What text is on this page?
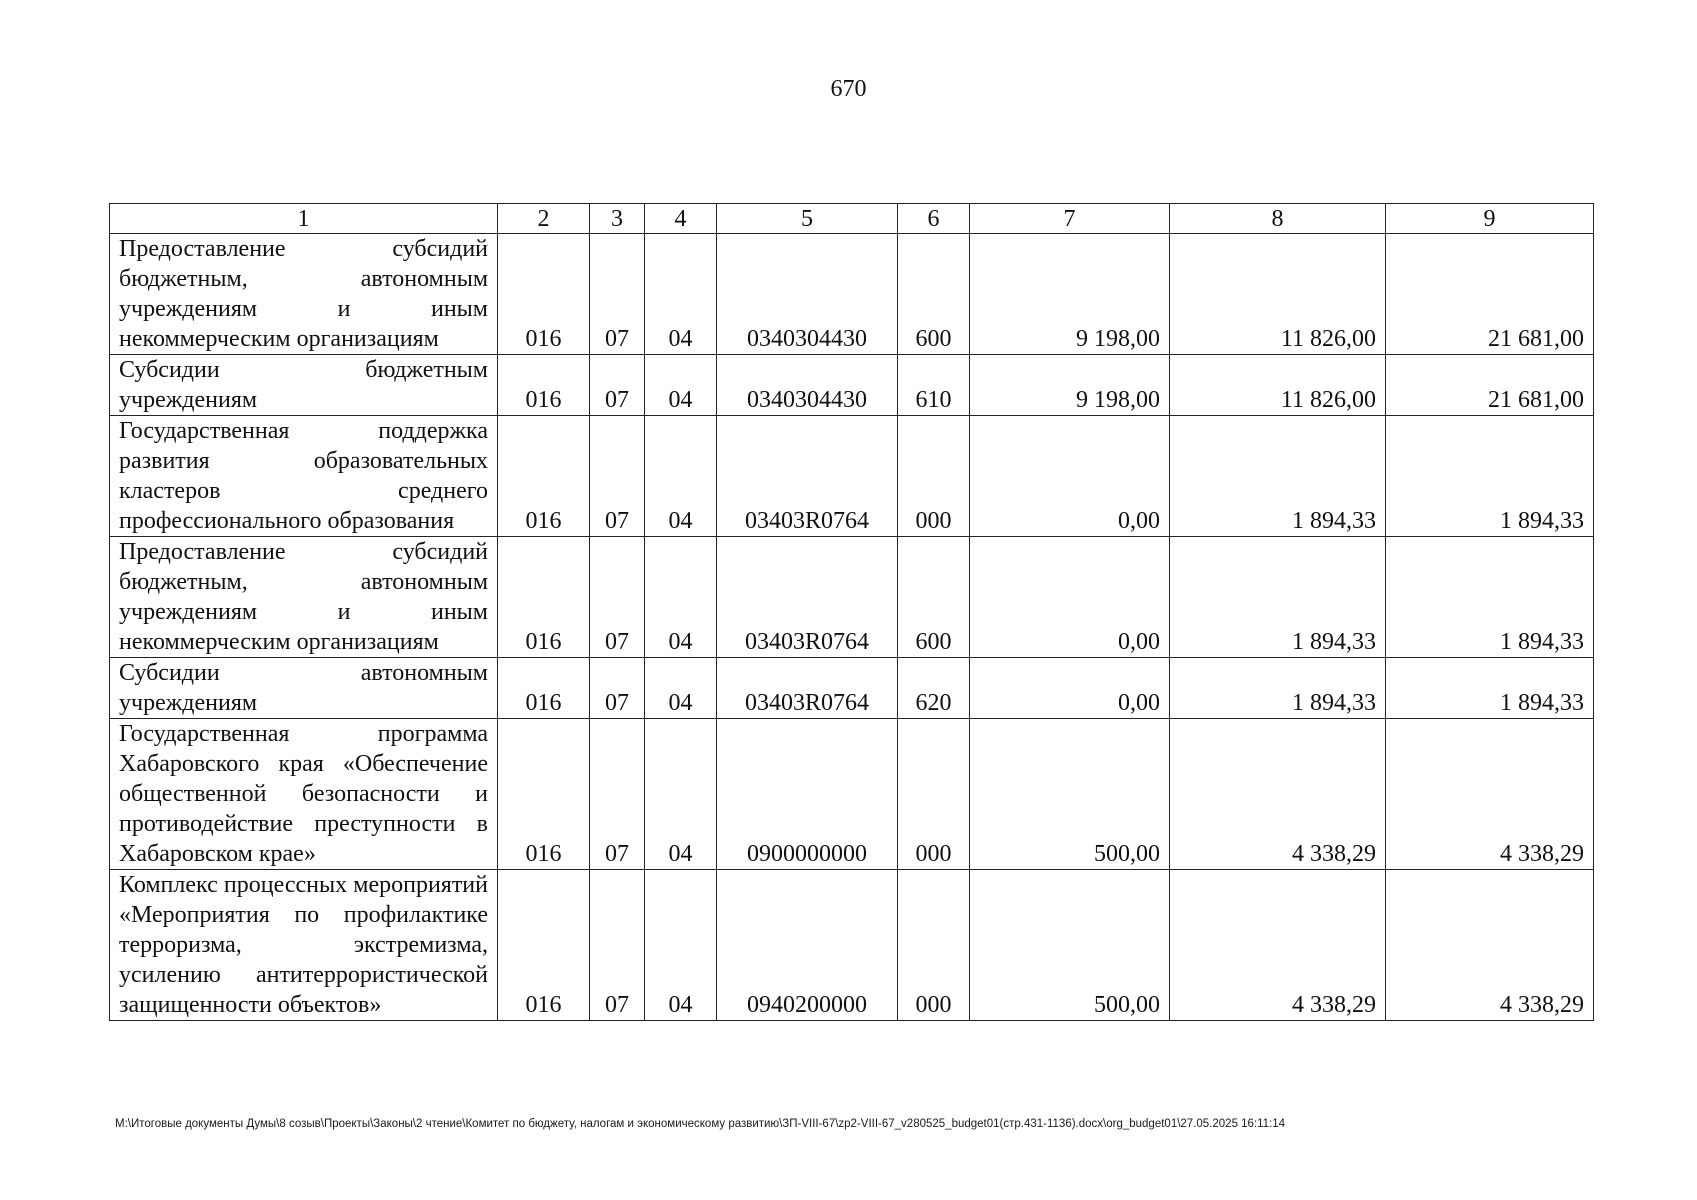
670
1	2	3	4	5	6	7	8	9
Предоставление субсидий бюджетным, автономным учреждениям и иным некоммерческим организациям	016	07	04	0340304430	600	9 198,00	11 826,00	21 681,00
Субсидии бюджетным учреждениям	016	07	04	0340304430	610	9 198,00	11 826,00	21 681,00
Государственная поддержка развития образовательных кластеров среднего профессионального образования	016	07	04	03403R0764	000	0,00	1 894,33	1 894,33
Предоставление субсидий бюджетным, автономным учреждениям и иным некоммерческим организациям	016	07	04	03403R0764	600	0,00	1 894,33	1 894,33
Субсидии автономным учреждениям	016	07	04	03403R0764	620	0,00	1 894,33	1 894,33
Государственная программа Хабаровского края «Обеспечение общественной безопасности и противодействие преступности в Хабаровском крае»	016	07	04	0900000000	000	500,00	4 338,29	4 338,29
Комплекс процессных мероприятий «Мероприятия по профилактике терроризма, экстремизма, усилению антитеррористической защищенности объектов»	016	07	04	0940200000	000	500,00	4 338,29	4 338,29
М:\Итоговые документы Думы\8 созыв\Проекты\Законы\2 чтение\Комитет по бюджету, налогам и экономическому развитию\ЗП-VIII-67\zp2-VIII-67_v280525_budget01(стр.431-1136).docx\org_budget01\27.05.2025 16:11:14
